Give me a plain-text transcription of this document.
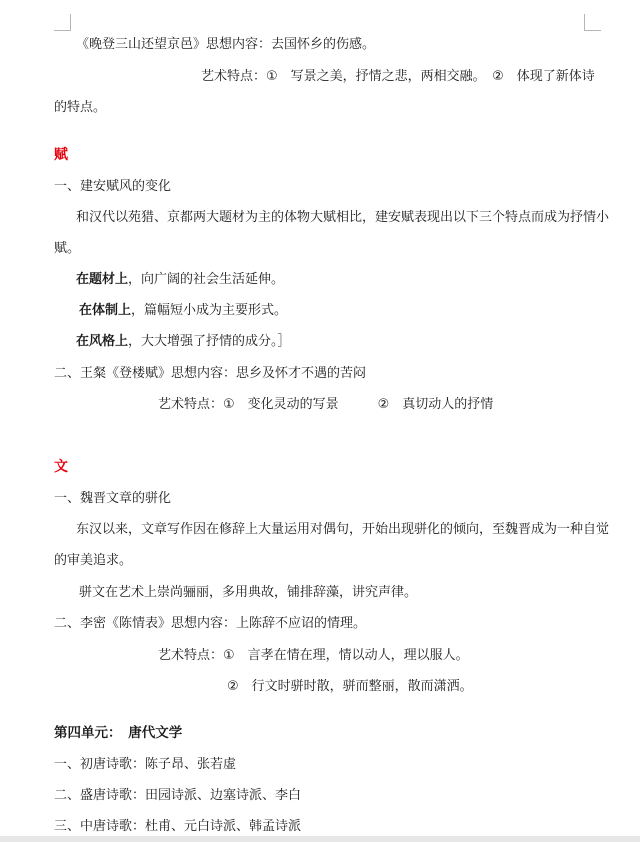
《晚登三山还望京邑》思想内容：去国怀乡的伤感。
艺术特点：①　写景之美，抒情之悲，两相交融。　②　体现了新体诗
的特点。
赋
一、建安赋风的变化
和汉代以苑猎、京都两大题材为主的体物大赋相比，建安赋表现出以下三个特点而成为抒情小
赋。
在题材上，向广阔的社会生活延伸。
在体制上，篇幅短小成为主要形式。
在风格上，大大增强了抒情的成分。］
二、王粲《登楼赋》思想内容：思乡及怀才不遇的苦闷
艺术特点：①　变化灵动的写景　　　②　真切动人的抒情
文
一、魏晋文章的骈化
东汉以来，文章写作因在修辞上大量运用对偶句，开始出现骈化的倾向，至魏晋成为一种自觉
的审美追求。
骈文在艺术上崇尚骊丽，多用典故，铺排辞藻，讲究声律。
二、李密《陈情表》思想内容：上陈辞不应诏的情理。
艺术特点：①　言孝在情在理，情以动人，理以服人。
②　行文时骈时散，骈而整丽，散而潇洒。
第四单元：　唐代文学
一、初唐诗歌：陈子昂、张若虚
二、盛唐诗歌：田园诗派、边塞诗派、李白
三、中唐诗歌：杜甫、元白诗派、韩孟诗派
